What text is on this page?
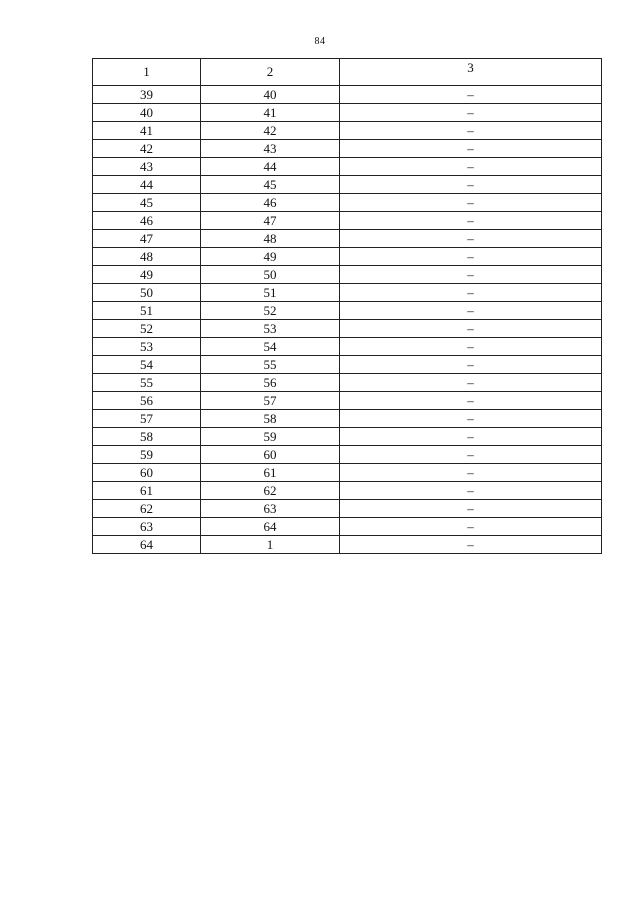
84
1	2	3
39	40	–
40	41	–
41	42	–
42	43	–
43	44	–
44	45	–
45	46	–
46	47	–
47	48	–
48	49	–
49	50	–
50	51	–
51	52	–
52	53	–
53	54	–
54	55	–
55	56	–
56	57	–
57	58	–
58	59	–
59	60	–
60	61	–
61	62	–
62	63	–
63	64	–
64	1	–
